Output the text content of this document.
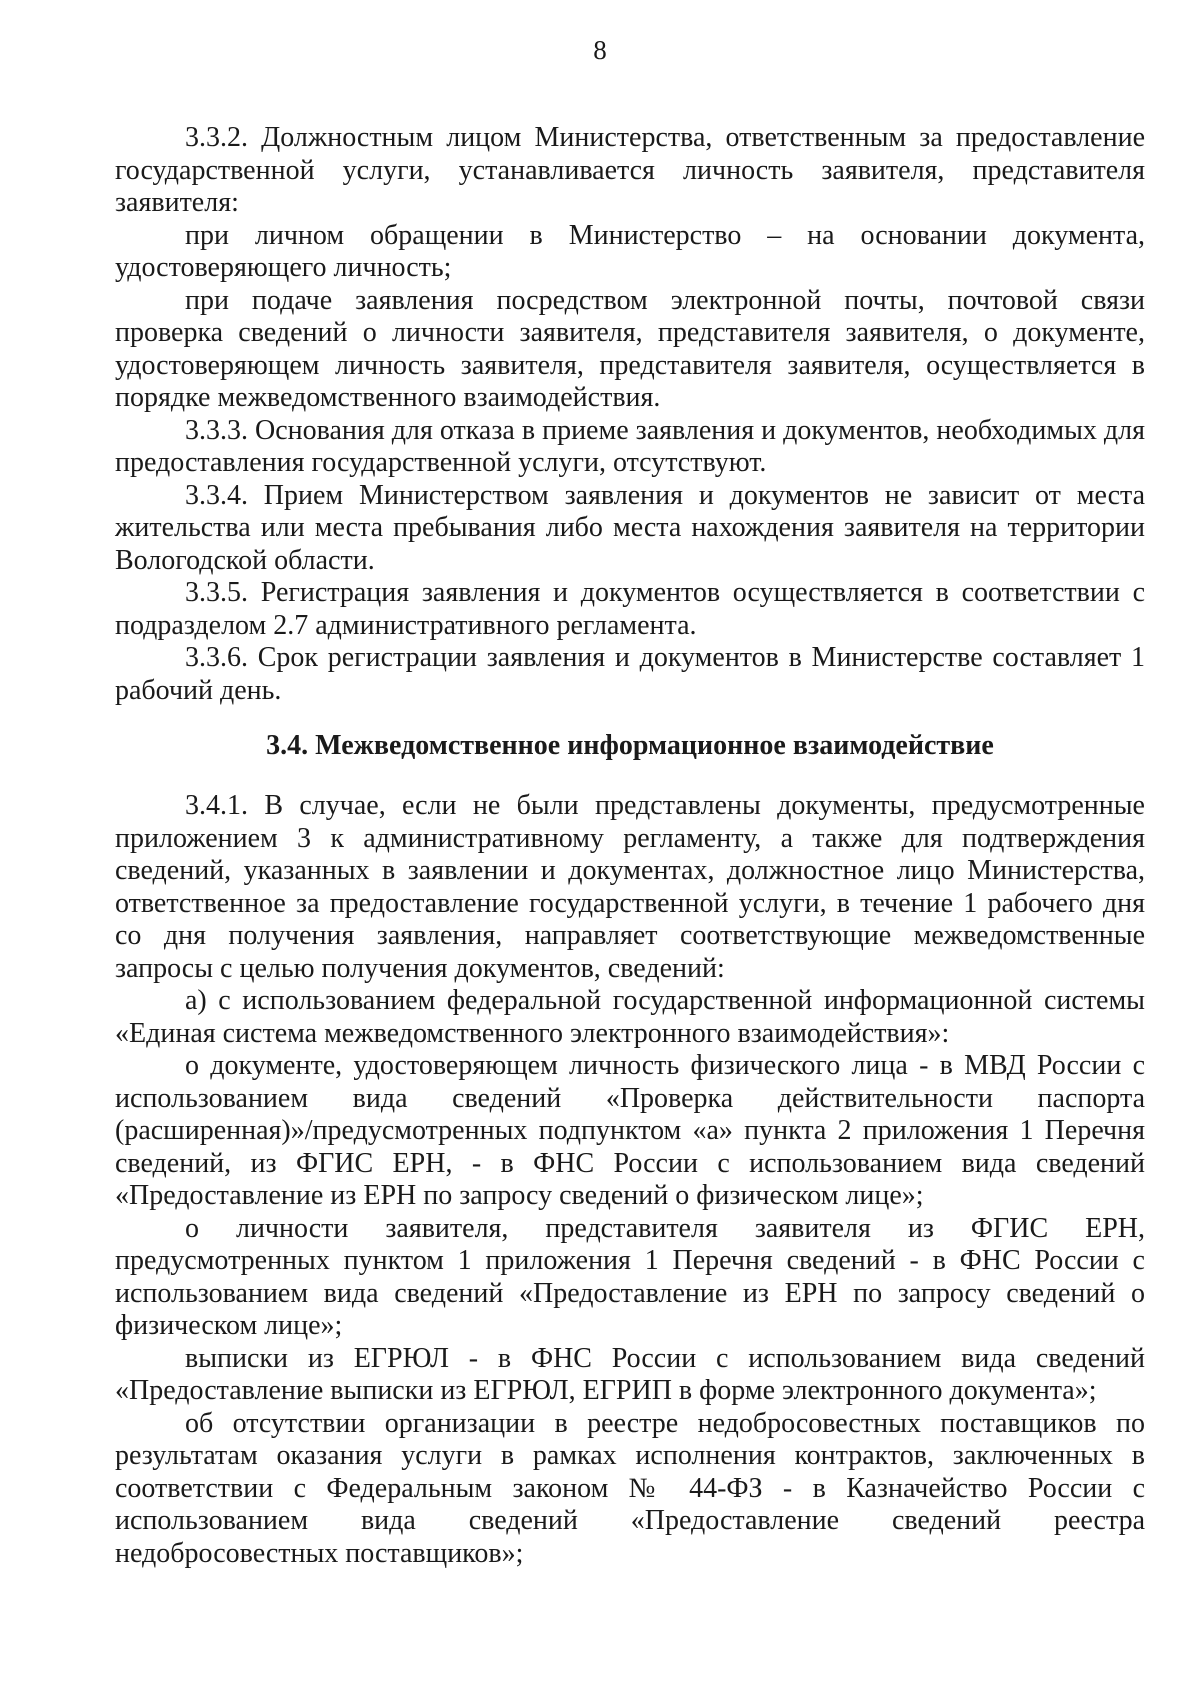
8

3.3.2. Должностным лицом Министерства, ответственным за предоставление государственной услуги, устанавливается личность заявителя, представителя заявителя:

при личном обращении в Министерство – на основании документа, удостоверяющего личность;

при подаче заявления посредством электронной почты, почтовой связи проверка сведений о личности заявителя, представителя заявителя, о документе, удостоверяющем личность заявителя, представителя заявителя, осуществляется в порядке межведомственного взаимодействия.

3.3.3. Основания для отказа в приеме заявления и документов, необходимых для предоставления государственной услуги, отсутствуют.

3.3.4. Прием Министерством заявления и документов не зависит от места жительства или места пребывания либо места нахождения заявителя на территории Вологодской области.

3.3.5. Регистрация заявления и документов осуществляется в соответствии с подразделом 2.7 административного регламента.

3.3.6. Срок регистрации заявления и документов в Министерстве составляет 1 рабочий день.

3.4. Межведомственное информационное взаимодействие

3.4.1. В случае, если не были представлены документы, предусмотренные приложением 3 к административному регламенту, а также для подтверждения сведений, указанных в заявлении и документах, должностное лицо Министерства, ответственное за предоставление государственной услуги, в течение 1 рабочего дня со дня получения заявления, направляет соответствующие межведомственные запросы с целью получения документов, сведений:

а) с использованием федеральной государственной информационной системы «Единая система межведомственного электронного взаимодействия»:

о документе, удостоверяющем личность физического лица - в МВД России с использованием вида сведений «Проверка действительности паспорта (расширенная)»/предусмотренных подпунктом «а» пункта 2 приложения 1 Перечня сведений, из ФГИС ЕРН, - в ФНС России с использованием вида сведений «Предоставление из ЕРН по запросу сведений о физическом лице»;

о личности заявителя, представителя заявителя из ФГИС ЕРН, предусмотренных пунктом 1 приложения 1 Перечня сведений - в ФНС России с использованием вида сведений «Предоставление из ЕРН по запросу сведений о физическом лице»;

выписки из ЕГРЮЛ - в ФНС России с использованием вида сведений «Предоставление выписки из ЕГРЮЛ, ЕГРИП в форме электронного документа»;

об отсутствии организации в реестре недобросовестных поставщиков по результатам оказания услуги в рамках исполнения контрактов, заключенных в соответствии с Федеральным законом № 44-ФЗ - в Казначейство России с использованием вида сведений «Предоставление сведений реестра недобросовестных поставщиков»;
